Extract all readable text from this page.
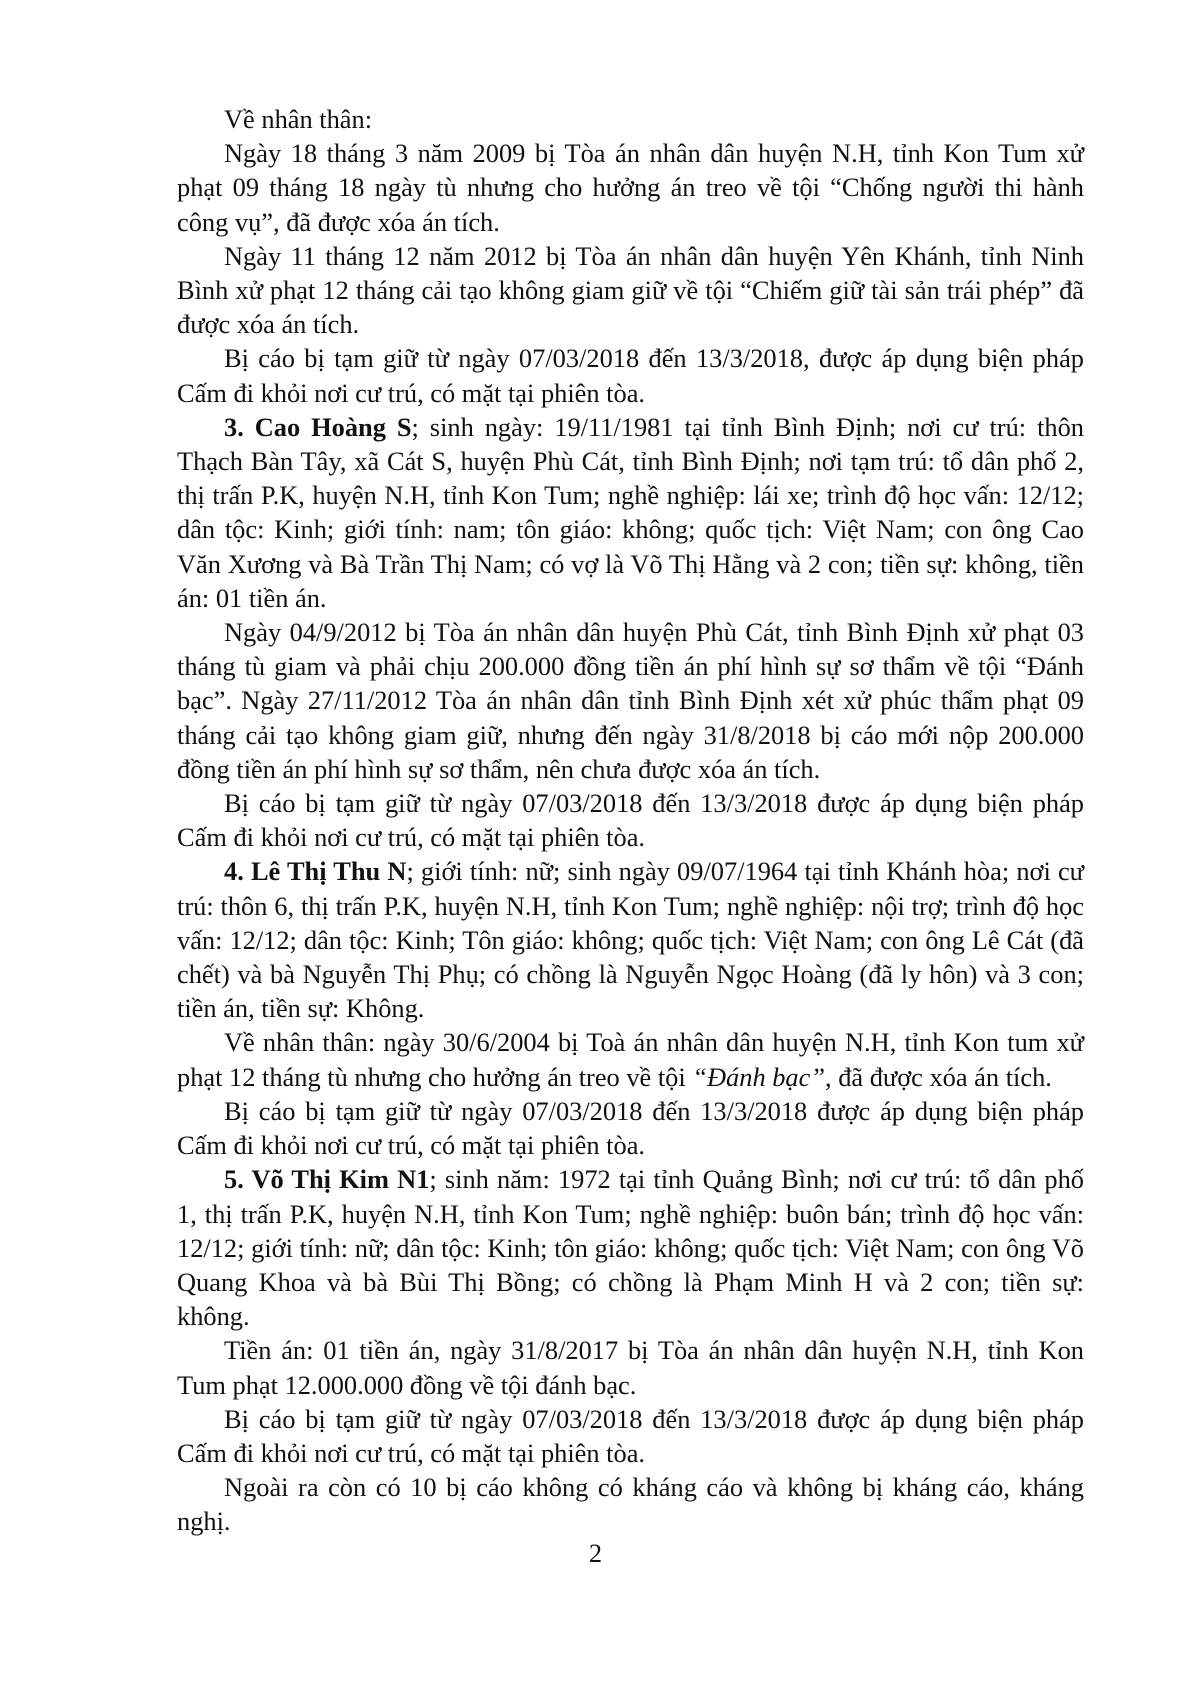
Về nhân thân:

Ngày 18 tháng 3 năm 2009 bị Tòa án nhân dân huyện N.H, tỉnh Kon Tum xử phạt 09 tháng 18 ngày tù nhưng cho hưởng án treo về tội “Chống người thi hành công vụ”, đã được xóa án tích.

Ngày 11 tháng 12 năm 2012 bị Tòa án nhân dân huyện Yên Khánh, tỉnh Ninh Bình xử phạt 12 tháng cải tạo không giam giữ về tội “Chiếm giữ tài sản trái phép” đã được xóa án tích.

Bị cáo bị tạm giữ từ ngày 07/03/2018 đến 13/3/2018, được áp dụng biện pháp Cấm đi khỏi nơi cư trú, có mặt tại phiên tòa.

3. Cao Hoàng S; sinh ngày: 19/11/1981 tại tỉnh Bình Định; nơi cư trú: thôn Thạch Bàn Tây, xã Cát S, huyện Phù Cát, tỉnh Bình Định; nơi tạm trú: tổ dân phố 2, thị trấn P.K, huyện N.H, tỉnh Kon Tum; nghề nghiệp: lái xe; trình độ học vấn: 12/12; dân tộc: Kinh; giới tính: nam; tôn giáo: không; quốc tịch: Việt Nam; con ông Cao Văn Xương và Bà Trần Thị Nam; có vợ là Võ Thị Hằng và 2 con; tiền sự: không, tiền án: 01 tiền án.

Ngày 04/9/2012 bị Tòa án nhân dân huyện Phù Cát, tỉnh Bình Định xử phạt 03 tháng tù giam và phải chịu 200.000 đồng tiền án phí hình sự sơ thẩm về tội “Đánh bạc”. Ngày 27/11/2012 Tòa án nhân dân tỉnh Bình Định xét xử phúc thẩm phạt 09 tháng cải tạo không giam giữ, nhưng đến ngày 31/8/2018 bị cáo mới nộp 200.000 đồng tiền án phí hình sự sơ thẩm, nên chưa được xóa án tích.

Bị cáo bị tạm giữ từ ngày 07/03/2018 đến 13/3/2018 được áp dụng biện pháp Cấm đi khỏi nơi cư trú, có mặt tại phiên tòa.

4. Lê Thị Thu N; giới tính: nữ; sinh ngày 09/07/1964 tại tỉnh Khánh hòa; nơi cư trú: thôn 6, thị trấn P.K, huyện N.H, tỉnh Kon Tum; nghề nghiệp: nội trợ; trình độ học vấn: 12/12; dân tộc: Kinh; Tôn giáo: không; quốc tịch: Việt Nam; con ông Lê Cát (đã chết) và bà Nguyễn Thị Phụ; có chồng là Nguyễn Ngọc Hoàng (đã ly hôn) và 3 con; tiền án, tiền sự: Không.

Về nhân thân: ngày 30/6/2004 bị Toà án nhân dân huyện N.H, tỉnh Kon tum xử phạt 12 tháng tù nhưng cho hưởng án treo về tội “Đánh bạc”, đã được xóa án tích.

Bị cáo bị tạm giữ từ ngày 07/03/2018 đến 13/3/2018 được áp dụng biện pháp Cấm đi khỏi nơi cư trú, có mặt tại phiên tòa.

5. Võ Thị Kim N1; sinh năm: 1972 tại tỉnh Quảng Bình; nơi cư trú: tổ dân phố 1, thị trấn P.K, huyện N.H, tỉnh Kon Tum; nghề nghiệp: buôn bán; trình độ học vấn: 12/12; giới tính: nữ; dân tộc: Kinh; tôn giáo: không; quốc tịch: Việt Nam; con ông Võ Quang Khoa và bà Bùi Thị Bồng; có chồng là Phạm Minh H và 2 con; tiền sự: không.

Tiền án: 01 tiền án, ngày 31/8/2017 bị Tòa án nhân dân huyện N.H, tỉnh Kon Tum phạt 12.000.000 đồng về tội đánh bạc.

Bị cáo bị tạm giữ từ ngày 07/03/2018 đến 13/3/2018 được áp dụng biện pháp Cấm đi khỏi nơi cư trú, có mặt tại phiên tòa.

Ngoài ra còn có 10 bị cáo không có kháng cáo và không bị kháng cáo, kháng nghị.

2
